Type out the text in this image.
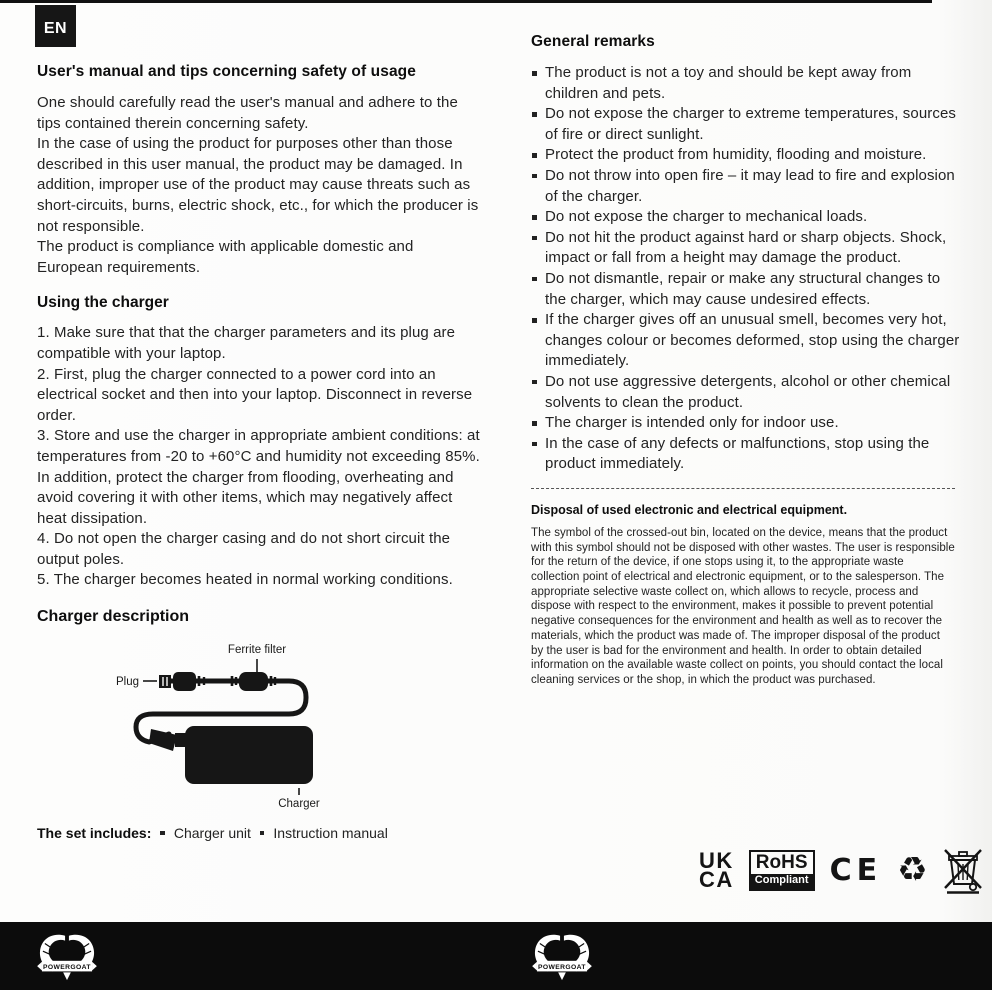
EN
User's manual and tips concerning safety of usage

One should carefully read the user's manual and adhere to the tips contained therein concerning safety.

In the case of using the product for purposes other than those described in this user manual, the product may be damaged. In addition, improper use of the product may cause threats such as short-circuits, burns, electric shock, etc., for which the producer is not responsible.

The product is compliance with applicable domestic and European requirements.

Using the charger

1. Make sure that that the charger parameters and its plug are compatible with your laptop.

2. First, plug the charger connected to a power cord into an electrical socket and then into your laptop. Disconnect in reverse order.

3. Store and use the charger in appropriate ambient conditions: at temperatures from -20 to +60°C and humidity not exceeding 85%. In addition, protect the charger from flooding, overheating and avoid covering it with other items, which may negatively affect heat dissipation.

4. Do not open the charger casing and do not short circuit the output poles.

5. The charger becomes heated in normal working conditions.

Charger description
Ferrite filter
Plug
Charger
The set includes: Charger unit Instruction manual
General remarks
The product is not a toy and should be kept away from children and pets.
Do not expose the charger to extreme temperatures, sources of fire or direct sunlight.
Protect the product from humidity, flooding and moisture.
Do not throw into open fire – it may lead to fire and explosion of the charger.
Do not expose the charger to mechanical loads.
Do not hit the product against hard or sharp objects. Shock, impact or fall from a height may damage the product.
Do not dismantle, repair or make any structural changes to the charger, which may cause undesired effects.
If the charger gives off an unusual smell, becomes very hot, changes colour or becomes deformed, stop using the charger immediately.
Do not use aggressive detergents, alcohol or other chemical solvents to clean the product.
The charger is intended only for indoor use.
In the case of any defects or malfunctions, stop using the product immediately.
Disposal of used electronic and electrical equipment.

The symbol of the crossed-out bin, located on the device, means that the product with this symbol should not be disposed with other wastes. The user is responsible for the return of the device, if one stops using it, to the appropriate waste collection point of electrical and electronic equipment, or to the salesperson. The appropriate selective waste collect on, which allows to recycle, process and dispose with respect to the environment, makes it possible to prevent potential negative consequences for the environment and health as well as to recover the materials, which the product was made of. The improper disposal of the product by the user is bad for the environment and health. In order to obtain detailed information on the available waste collect on points, you should contact the local cleaning services or the shop, in which the product was purchased.

UK
CA
RoHS
Compliant CE ♻
POWERGOAT	POWERGOAT
